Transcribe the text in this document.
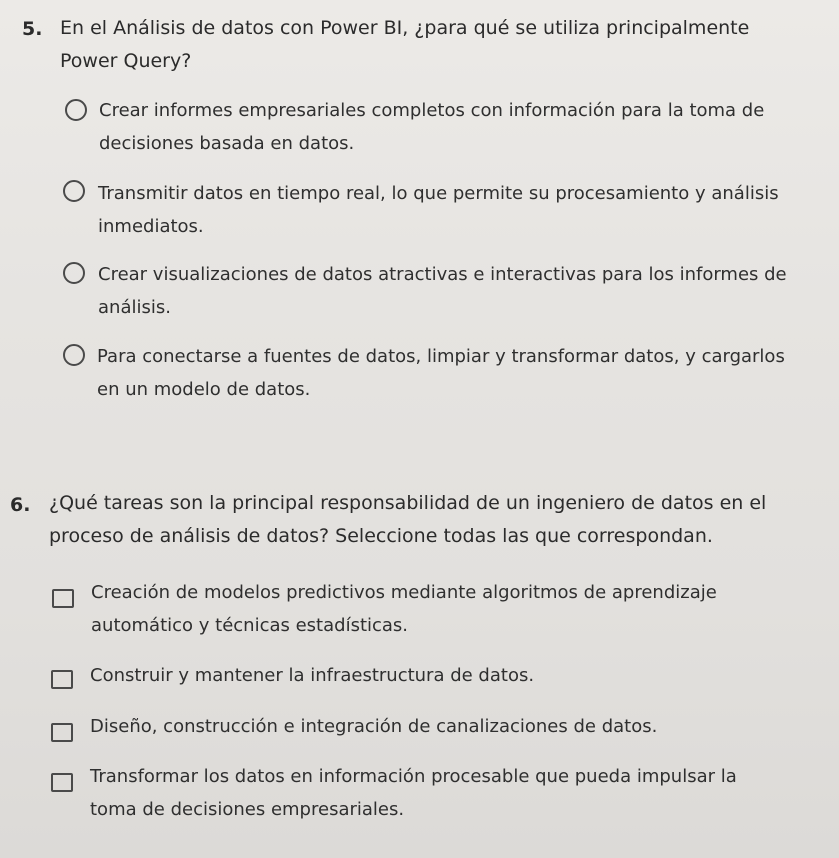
5. En el Análisis de datos con Power BI, ¿para qué se utiliza principalmente Power Query?
Crear informes empresariales completos con información para la toma de decisiones basada en datos.
Transmitir datos en tiempo real, lo que permite su procesamiento y análisis inmediatos.
Crear visualizaciones de datos atractivas e interactivas para los informes de análisis.
Para conectarse a fuentes de datos, limpiar y transformar datos, y cargarlos en un modelo de datos.
6. ¿Qué tareas son la principal responsabilidad de un ingeniero de datos en el proceso de análisis de datos? Seleccione todas las que correspondan.
Creación de modelos predictivos mediante algoritmos de aprendizaje automático y técnicas estadísticas.
Construir y mantener la infraestructura de datos.
Diseño, construcción e integración de canalizaciones de datos.
Transformar los datos en información procesable que pueda impulsar la toma de decisiones empresariales.
